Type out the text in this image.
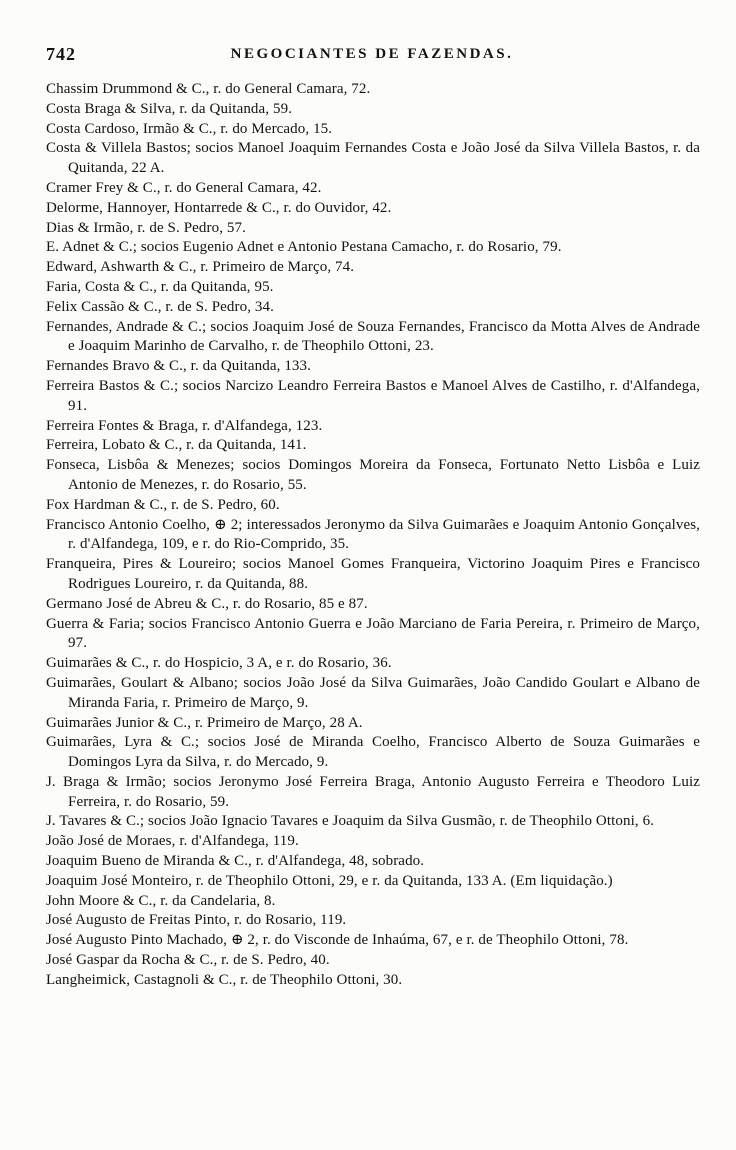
742	NEGOCIANTES DE FAZENDAS.

Chassim Drummond & C., r. do General Camara, 72.

Costa Braga & Silva, r. da Quitanda, 59.

Costa Cardoso, Irmão & C., r. do Mercado, 15.

Costa & Villela Bastos; socios Manoel Joaquim Fernandes Costa e João José da Silva Villela Bastos, r. da Quitanda, 22 A.

Cramer Frey & C., r. do General Camara, 42.

Delorme, Hannoyer, Hontarrede & C., r. do Ouvidor, 42.

Dias & Irmão, r. de S. Pedro, 57.

E. Adnet & C.; socios Eugenio Adnet e Antonio Pestana Camacho, r. do Rosario, 79.

Edward, Ashwarth & C., r. Primeiro de Março, 74.

Faria, Costa & C., r. da Quitanda, 95.

Felix Cassão & C., r. de S. Pedro, 34.

Fernandes, Andrade & C.; socios Joaquim José de Souza Fernandes, Francisco da Motta Alves de Andrade e Joaquim Marinho de Carvalho, r. de Theophilo Ottoni, 23.

Fernandes Bravo & C., r. da Quitanda, 133.

Ferreira Bastos & C.; socios Narcizo Leandro Ferreira Bastos e Manoel Alves de Castilho, r. d'Alfandega, 91.

Ferreira Fontes & Braga, r. d'Alfandega, 123.

Ferreira, Lobato & C., r. da Quitanda, 141.

Fonseca, Lisbôa & Menezes; socios Domingos Moreira da Fonseca, Fortunato Netto Lisbôa e Luiz Antonio de Menezes, r. do Rosario, 55.

Fox Hardman & C., r. de S. Pedro, 60.

Francisco Antonio Coelho, ⊕ 2; interessados Jeronymo da Silva Guimarães e Joaquim Antonio Gonçalves, r. d'Alfandega, 109, e r. do Rio-Comprido, 35.

Franqueira, Pires & Loureiro; socios Manoel Gomes Franqueira, Victorino Joaquim Pires e Francisco Rodrigues Loureiro, r. da Quitanda, 88.

Germano José de Abreu & C., r. do Rosario, 85 e 87.

Guerra & Faria; socios Francisco Antonio Guerra e João Marciano de Faria Pereira, r. Primeiro de Março, 97.

Guimarães & C., r. do Hospicio, 3 A, e r. do Rosario, 36.

Guimarães, Goulart & Albano; socios João José da Silva Guimarães, João Candido Goulart e Albano de Miranda Faria, r. Primeiro de Março, 9.

Guimarães Junior & C., r. Primeiro de Março, 28 A.

Guimarães, Lyra & C.; socios José de Miranda Coelho, Francisco Alberto de Souza Guimarães e Domingos Lyra da Silva, r. do Mercado, 9.

J. Braga & Irmão; socios Jeronymo José Ferreira Braga, Antonio Augusto Ferreira e Theodoro Luiz Ferreira, r. do Rosario, 59.

J. Tavares & C.; socios João Ignacio Tavares e Joaquim da Silva Gusmão, r. de Theophilo Ottoni, 6.

João José de Moraes, r. d'Alfandega, 119.

Joaquim Bueno de Miranda & C., r. d'Alfandega, 48, sobrado.

Joaquim José Monteiro, r. de Theophilo Ottoni, 29, e r. da Quitanda, 133 A. (Em liquidação.)

John Moore & C., r. da Candelaria, 8.

José Augusto de Freitas Pinto, r. do Rosario, 119.

José Augusto Pinto Machado, ⊕ 2, r. do Visconde de Inhaúma, 67, e r. de Theophilo Ottoni, 78.

José Gaspar da Rocha & C., r. de S. Pedro, 40.

Langheimick, Castagnoli & C., r. de Theophilo Ottoni, 30.
